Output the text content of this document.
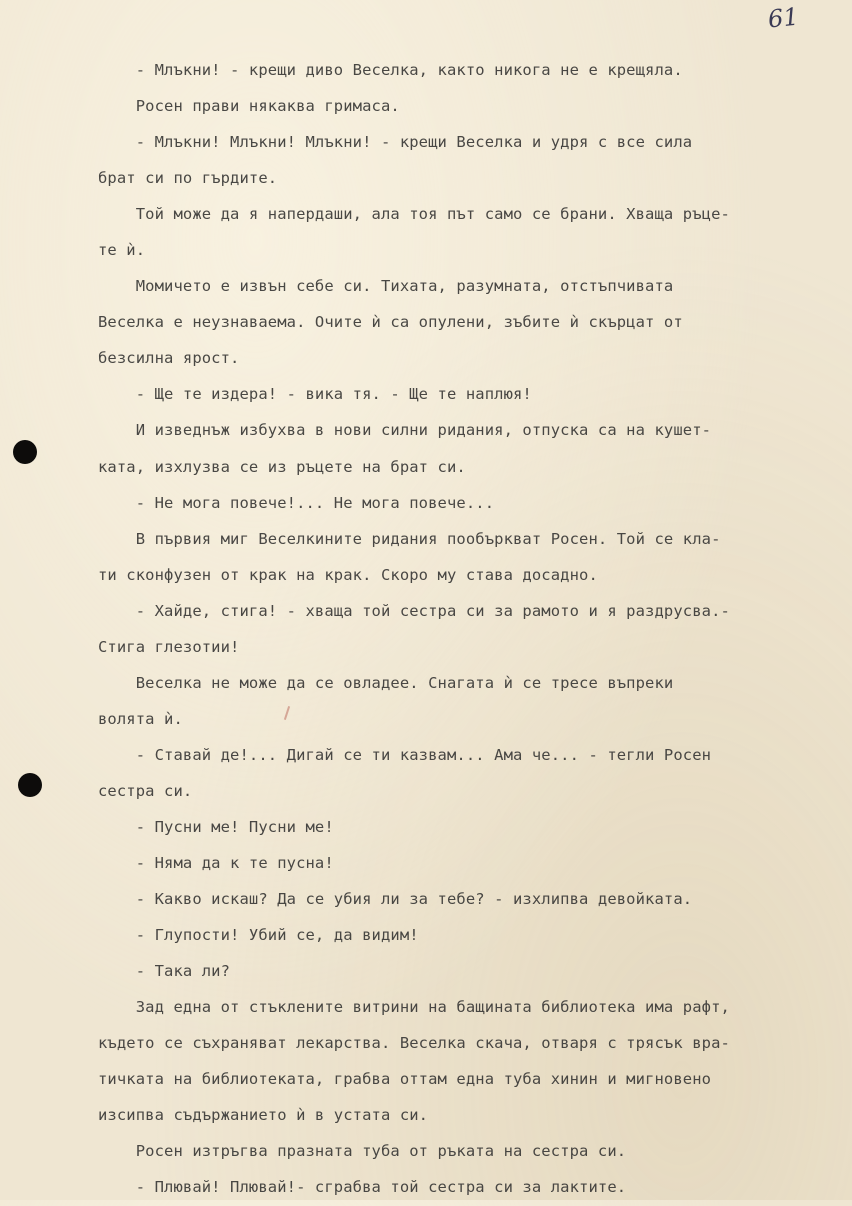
61
- Млъкни! - крещи диво Веселка, както никога не е крещяла.
Росен прави някаква гримаса.
- Млъкни! Млъкни! Млъкни! - крещи Веселка и удря с все сила
брат си по гърдите.
Той може да я напердаши, ала тоя път само се брани. Хваща ръце-
те ѝ.
Момичето е извън себе си. Тихата, разумната, отстъпчивата
Веселка е неузнаваема. Очите ѝ са опулени, зъбите ѝ скърцат от
безсилна ярост.
- Ще те издера! - вика тя. - Ще те наплюя!
И изведнъж избухва в нови силни ридания, отпуска са на кушет-
ката, изхлузва се из ръцете на брат си.
- Не мога повече!... Не мога повече...
В първия миг Веселкините ридания пообъркват Росен. Той се кла-
ти сконфузен от крак на крак. Скоро му става досадно.
- Хайде, стига! - хваща той сестра си за рамото и я раздрусва.-
Стига глезотии!
Веселка не може да се овладее. Снагата ѝ се тресе въпреки
волята ѝ.
- Ставай де!... Дигай се ти казвам... Ама че... - тегли Росен
сестра си.
- Пусни ме! Пусни ме!
- Няма да к те пусна!
- Какво искаш? Да се убия ли за тебе? - изхлипва девойката.
- Глупости! Убий се, да видим!
- Така ли?
Зад една от стъклените витрини на бащината библиотека има рафт,
където се съхраняват лекарства. Веселка скача, отваря с трясък вра-
тичката на библиотеката, грабва оттам една туба хинин и мигновено
изсипва съдържанието ѝ в устата си.
Росен изтръгва празната туба от ръката на сестра си.
- Плювай! Плювай!- сграбва той сестра си за лактите.
